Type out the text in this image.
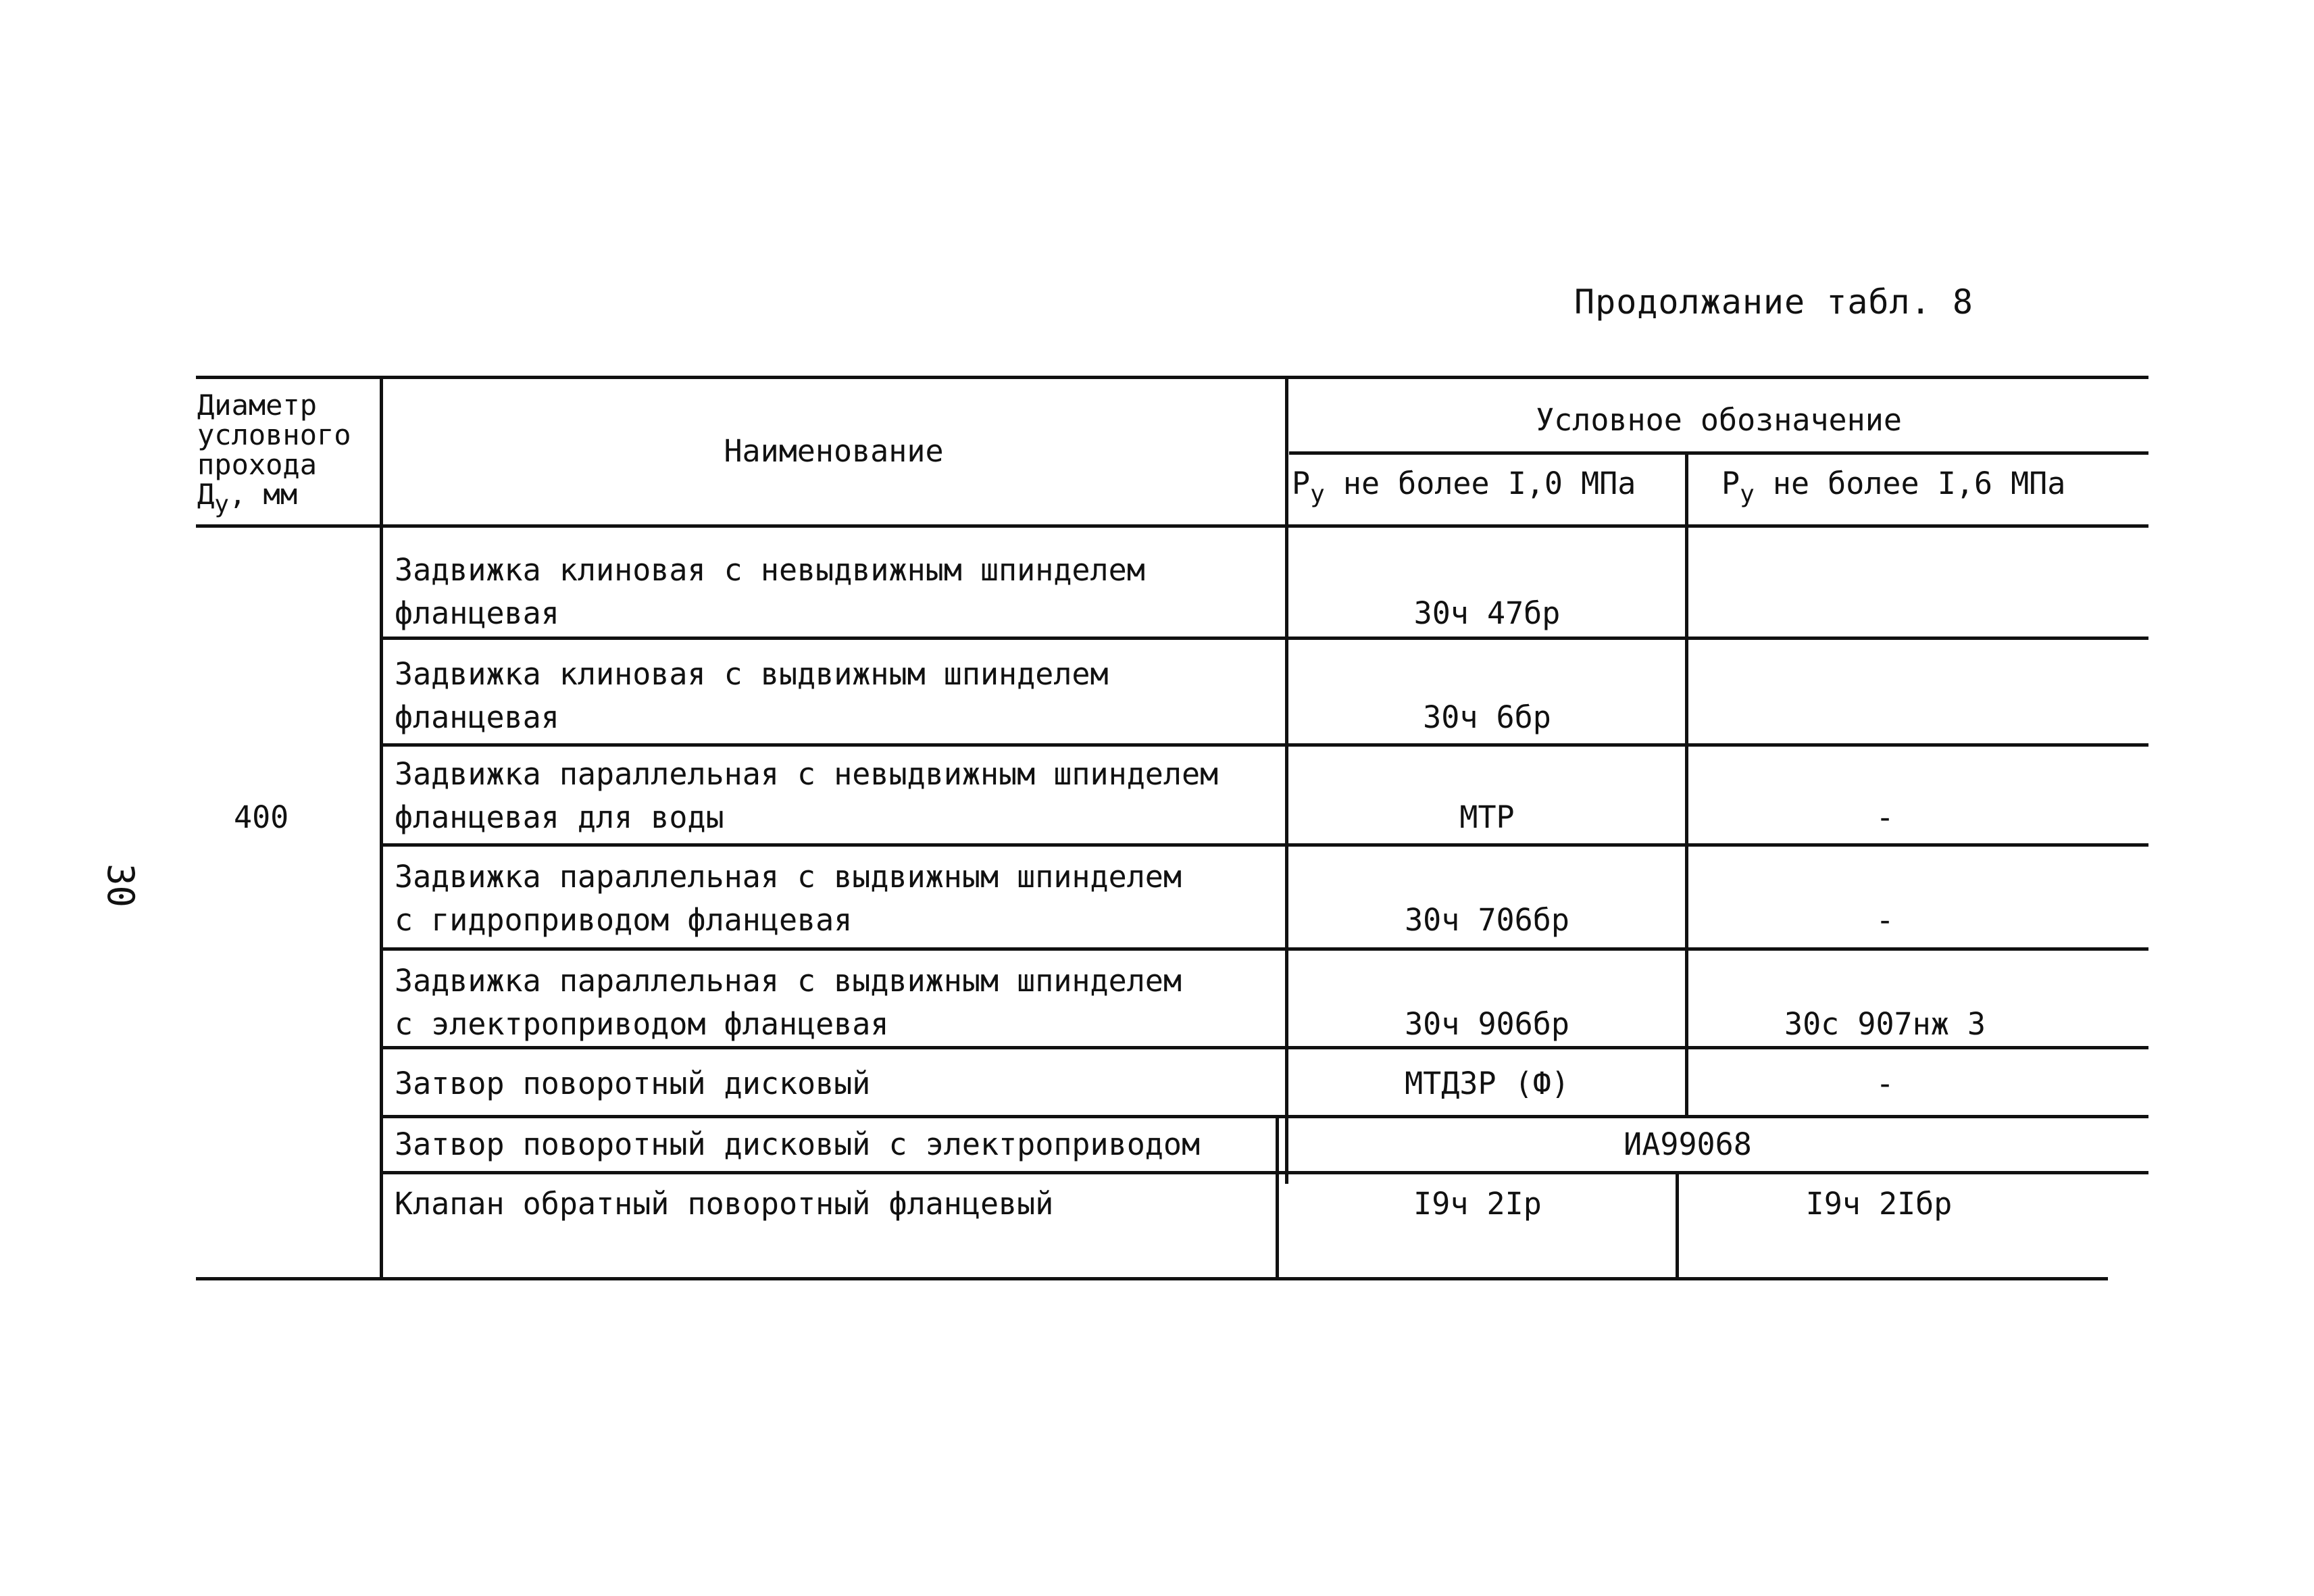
Продолжание табл. 8
30
Диаметр
условного
прохода
$Д_у$, мм
Наименование
Условное обозначение
$Р_у$ не более I,0 МПа	$Р_у$ не более I,6 МПа
400
Задвижка клиновая с невыдвижным шпинделем
фланцевая	30ч 47бр
Задвижка клиновая с выдвижным шпинделем
фланцевая	30ч 6бр
Задвижка параллельная с невыдвижным шпинделем
фланцевая для воды	МТР	-
Задвижка параллельная с выдвижным шпинделем
с гидроприводом фланцевая	30ч 706бр	-
Задвижка параллельная с выдвижным шпинделем
с электроприводом фланцевая	30ч 906бр	30с 907нж 3
Затвор поворотный дисковый	МТДЗР (Ф)	-
Затвор поворотный дисковый с электроприводом	ИА99068
Клапан обратный поворотный фланцевый	I9ч 2Iр	I9ч 2Iбр
